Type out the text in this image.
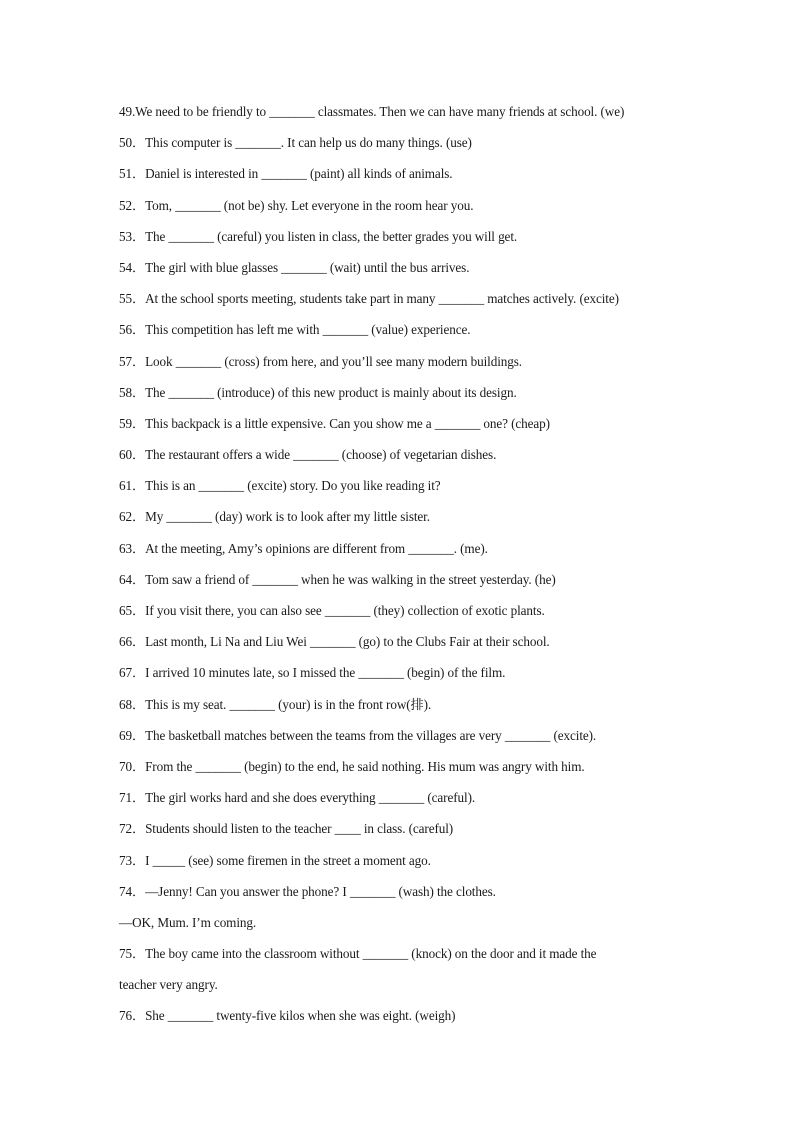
49.We need to be friendly to _______ classmates. Then we can have many friends at school. (we)
50．This computer is _______. It can help us do many things. (use)
51．Daniel is interested in _______ (paint) all kinds of animals.
52．Tom, _______ (not be) shy. Let everyone in the room hear you.
53．The _______ (careful) you listen in class, the better grades you will get.
54．The girl with blue glasses _______ (wait) until the bus arrives.
55．At the school sports meeting, students take part in many _______ matches actively. (excite)
56．This competition has left me with _______ (value) experience.
57．Look _______ (cross) from here, and you’ll see many modern buildings.
58．The _______ (introduce) of this new product is mainly about its design.
59．This backpack is a little expensive. Can you show me a _______ one? (cheap)
60．The restaurant offers a wide _______ (choose) of vegetarian dishes.
61．This is an _______ (excite) story. Do you like reading it?
62．My _______ (day) work is to look after my little sister.
63．At the meeting, Amy’s opinions are different from _______. (me).
64．Tom saw a friend of _______ when he was walking in the street yesterday. (he)
65．If you visit there, you can also see _______ (they) collection of exotic plants.
66．Last month, Li Na and Liu Wei _______ (go) to the Clubs Fair at their school.
67．I arrived 10 minutes late, so I missed the _______ (begin) of the film.
68．This is my seat. _______ (your) is in the front row(排).
69．The basketball matches between the teams from the villages are very _______ (excite).
70．From the _______ (begin) to the end, he said nothing. His mum was angry with him.
71．The girl works hard and she does everything _______ (careful).
72．Students should listen to the teacher ____ in class. (careful)
73．I _____ (see) some firemen in the street a moment ago.
74．—Jenny! Can you answer the phone? I _______ (wash) the clothes.
—OK, Mum. I’m coming.
75．The boy came into the classroom without _______ (knock) on the door and it made the
teacher very angry.
76．She _______ twenty-five kilos when she was eight. (weigh)
